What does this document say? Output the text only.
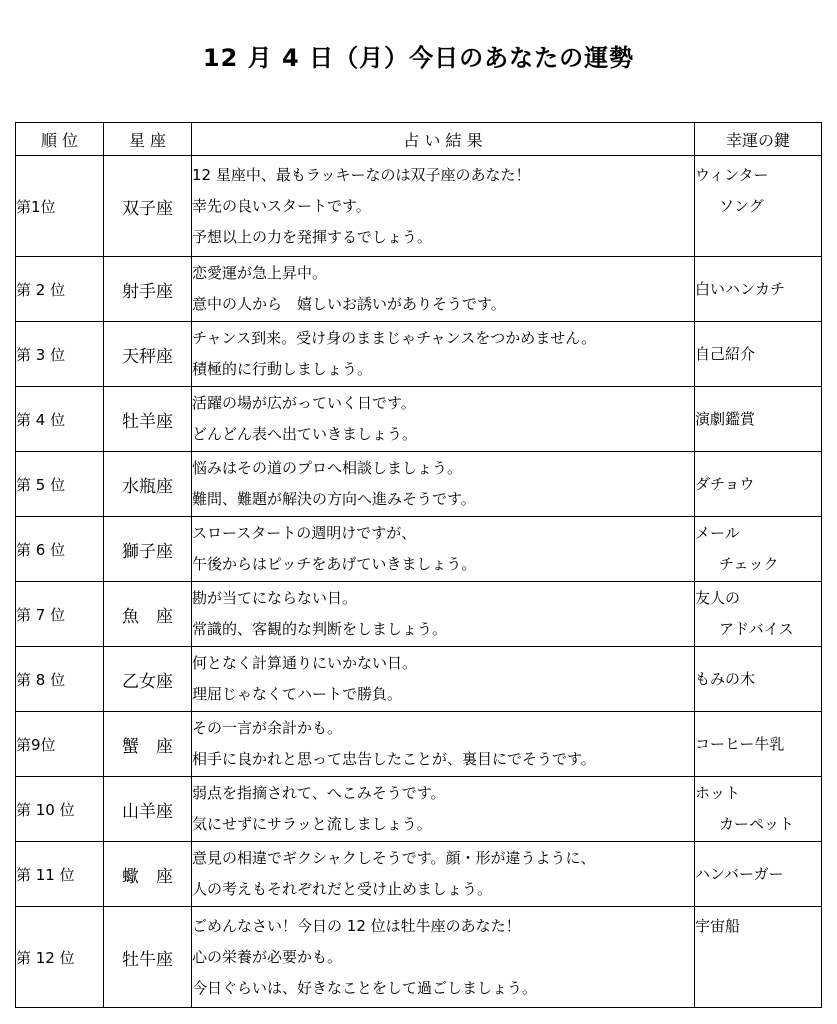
12 月 4 日（月）今日のあなたの運勢
順 位	星 座	占 い 結 果	幸運の鍵
第1位	双子座	12 星座中、最もラッキーなのは双子座のあなた！
幸先の良いスタートです。
予想以上の力を発揮するでしょう。	ウィンター
ソング

第 2 位	射手座	恋愛運が急上昇中。
意中の人から　嬉しいお誘いがありそうです。	白いハンカチ

第 3 位	天秤座	チャンス到来。受け身のままじゃチャンスをつかめません。
積極的に行動しましょう。	自己紹介

第 4 位	牡羊座	活躍の場が広がっていく日です。
どんどん表へ出ていきましょう。	演劇鑑賞

第 5 位	水瓶座	悩みはその道のプロへ相談しましょう。
難問、難題が解決の方向へ進みそうです。	ダチョウ

第 6 位	獅子座	スロースタートの週明けですが、
午後からはピッチをあげていきましょう。	メール
チェック

第 7 位	魚　座	勘が当てにならない日。
常識的、客観的な判断をしましょう。	友人の
アドバイス

第 8 位	乙女座	何となく計算通りにいかない日。
理屈じゃなくてハートで勝負。	もみの木

第9位	蟹　座	その一言が余計かも。
相手に良かれと思って忠告したことが、裏目にでそうです。	コーヒー牛乳

第 10 位	山羊座	弱点を指摘されて、へこみそうです。
気にせずにサラッと流しましょう。	ホット
カーペット

第 11 位	蠍　座	意見の相違でギクシャクしそうです。顔・形が違うように、
人の考えもそれぞれだと受け止めましょう。	ハンバーガー

第 12 位	牡牛座	ごめんなさい！今日の 12 位は牡牛座のあなた！
心の栄養が必要かも。
今日ぐらいは、好きなことをして過ごしましょう。	宇宙船
